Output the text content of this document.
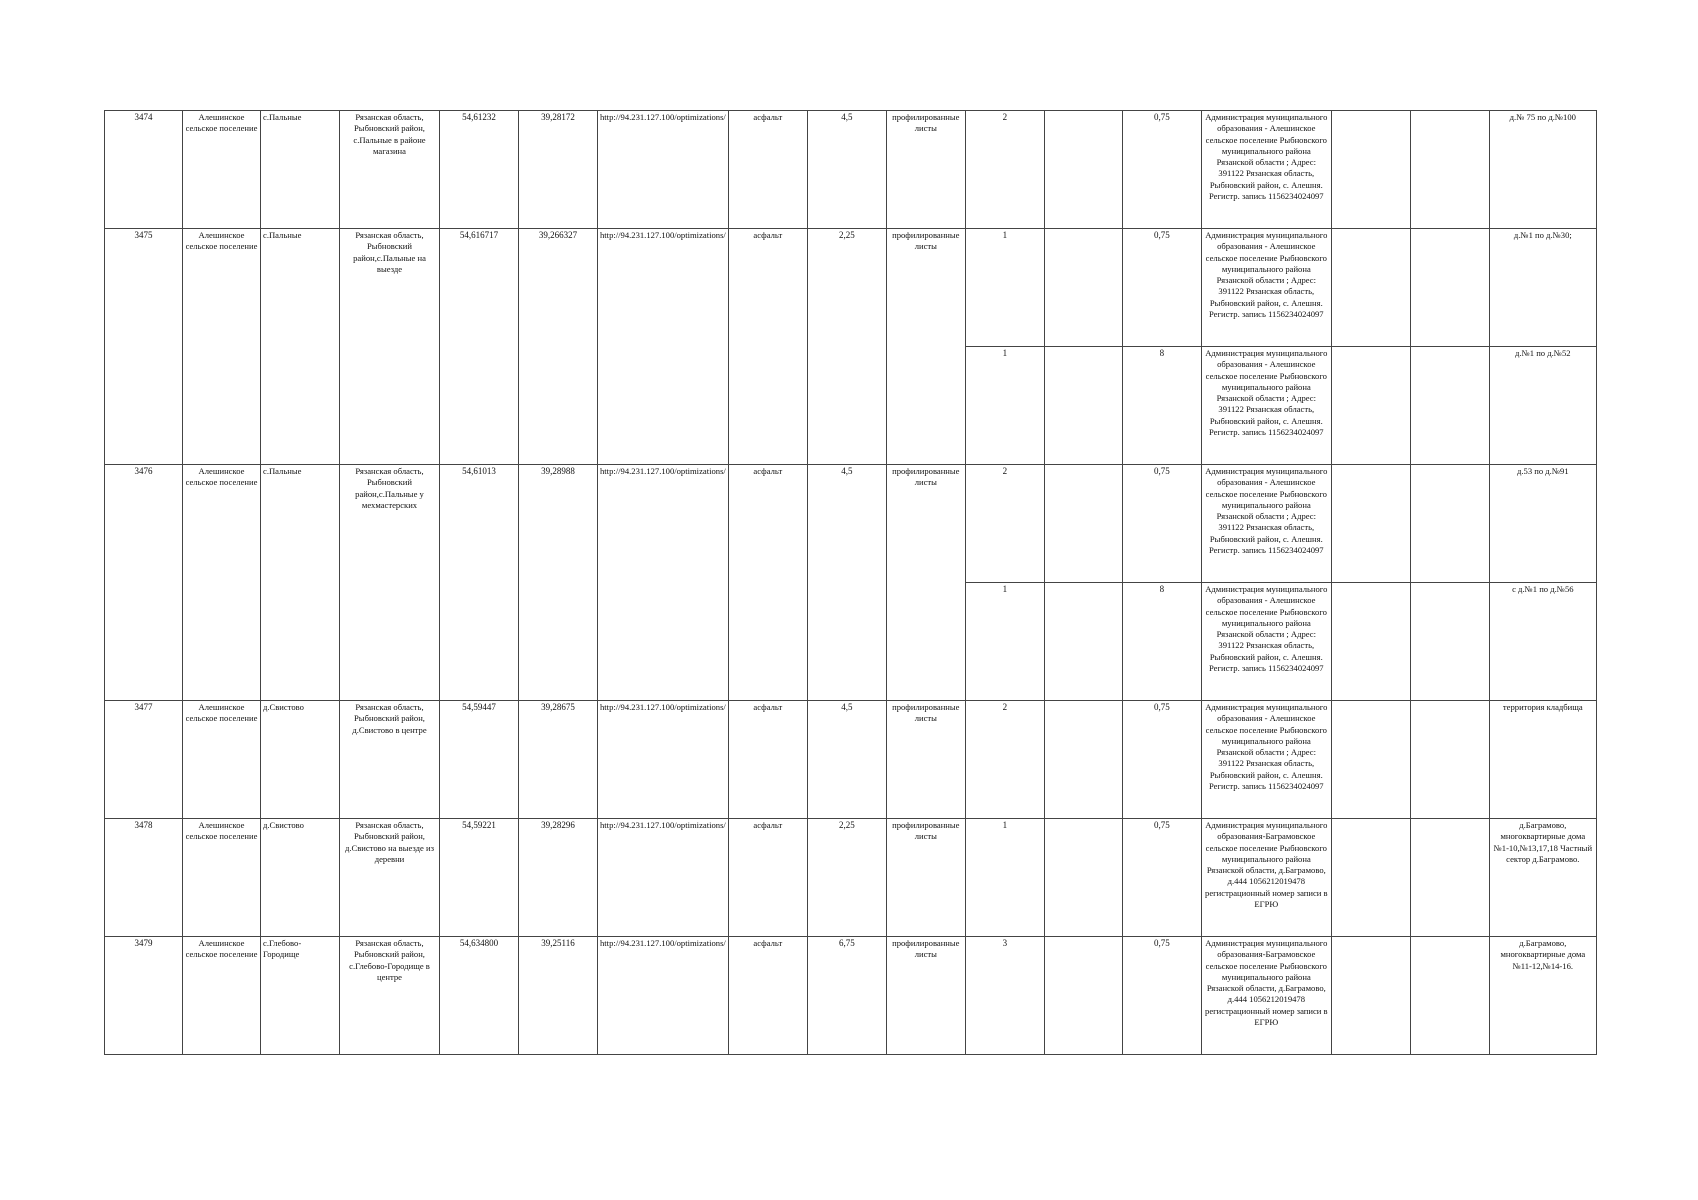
3474	Алешинское сельское поселение	с.Пальные	Рязанская область, Рыбновский район, с.Пальные в районе магазина	54,61232	39,28172	http://94.231.127.100/optimizations/	асфальт	4,5	профилированные листы	2		0,75	Администрация муниципального образования - Алешинское сельское поселение Рыбновского муниципального района Рязанской области ; Адрес: 391122 Рязанская область, Рыбновский район, с. Алешня. Регистр. запись 1156234024097			д.№ 75 по д.№100
3475	Алешинское сельское поселение	с.Пальные	Рязанская область, Рыбновский район,с.Пальные на выезде	54,616717	39,266327	http://94.231.127.100/optimizations/	асфальт	2,25	профилированные листы	1		0,75	Администрация муниципального образования - Алешинское сельское поселение Рыбновского муниципального района Рязанской области ; Адрес: 391122 Рязанская область, Рыбновский район, с. Алешня. Регистр. запись 1156234024097			д.№1 по д.№30;
										1		8	Администрация муниципального образования - Алешинское сельское поселение Рыбновского муниципального района Рязанской области ; Адрес: 391122 Рязанская область, Рыбновский район, с. Алешня. Регистр. запись 1156234024097			д.№1 по д.№52
3476	Алешинское сельское поселение	с.Пальные	Рязанская область, Рыбновский район,с.Пальные у мехмастерских	54,61013	39,28988	http://94.231.127.100/optimizations/	асфальт	4,5	профилированные листы	2		0,75	Администрация муниципального образования - Алешинское сельское поселение Рыбновского муниципального района Рязанской области ; Адрес: 391122 Рязанская область, Рыбновский район, с. Алешня. Регистр. запись 1156234024097			д.53 по д.№91
										1		8	Администрация муниципального образования - Алешинское сельское поселение Рыбновского муниципального района Рязанской области ; Адрес: 391122 Рязанская область, Рыбновский район, с. Алешня. Регистр. запись 1156234024097			с д.№1 по д.№56
3477	Алешинское сельское поселение	д.Свистово	Рязанская область, Рыбновский район, д.Свистово в центре	54,59447	39,28675	http://94.231.127.100/optimizations/	асфальт	4,5	профилированные листы	2		0,75	Администрация муниципального образования - Алешинское сельское поселение Рыбновского муниципального района Рязанской области ; Адрес: 391122 Рязанская область, Рыбновский район, с. Алешня. Регистр. запись 1156234024097			территория кладбища
3478	Алешинское сельское поселение	д.Свистово	Рязанская область, Рыбновский район, д.Свистово на выезде из деревни	54,59221	39,28296	http://94.231.127.100/optimizations/	асфальт	2,25	профилированные листы	1		0,75	Администрация муниципального образования-Баграмовское сельское поселение Рыбновского муниципального района Рязанской области, д.Баграмово, д.444 1056212019478 регистрационный номер записи в ЕГРЮ			д.Баграмово, многоквартирные дома №1-10,№13,17,18 Частный сектор д.Баграмово.
3479	Алешинское сельское поселение	с.Глебово-Городище	Рязанская область, Рыбновский район, с.Глебово-Городище в центре	54,634800	39,25116	http://94.231.127.100/optimizations/	асфальт	6,75	профилированные листы	3		0,75	Администрация муниципального образования-Баграмовское сельское поселение Рыбновского муниципального района Рязанской области, д.Баграмово, д.444 1056212019478 регистрационный номер записи в ЕГРЮ			д.Баграмово, многоквартирные дома №11-12,№14-16.
